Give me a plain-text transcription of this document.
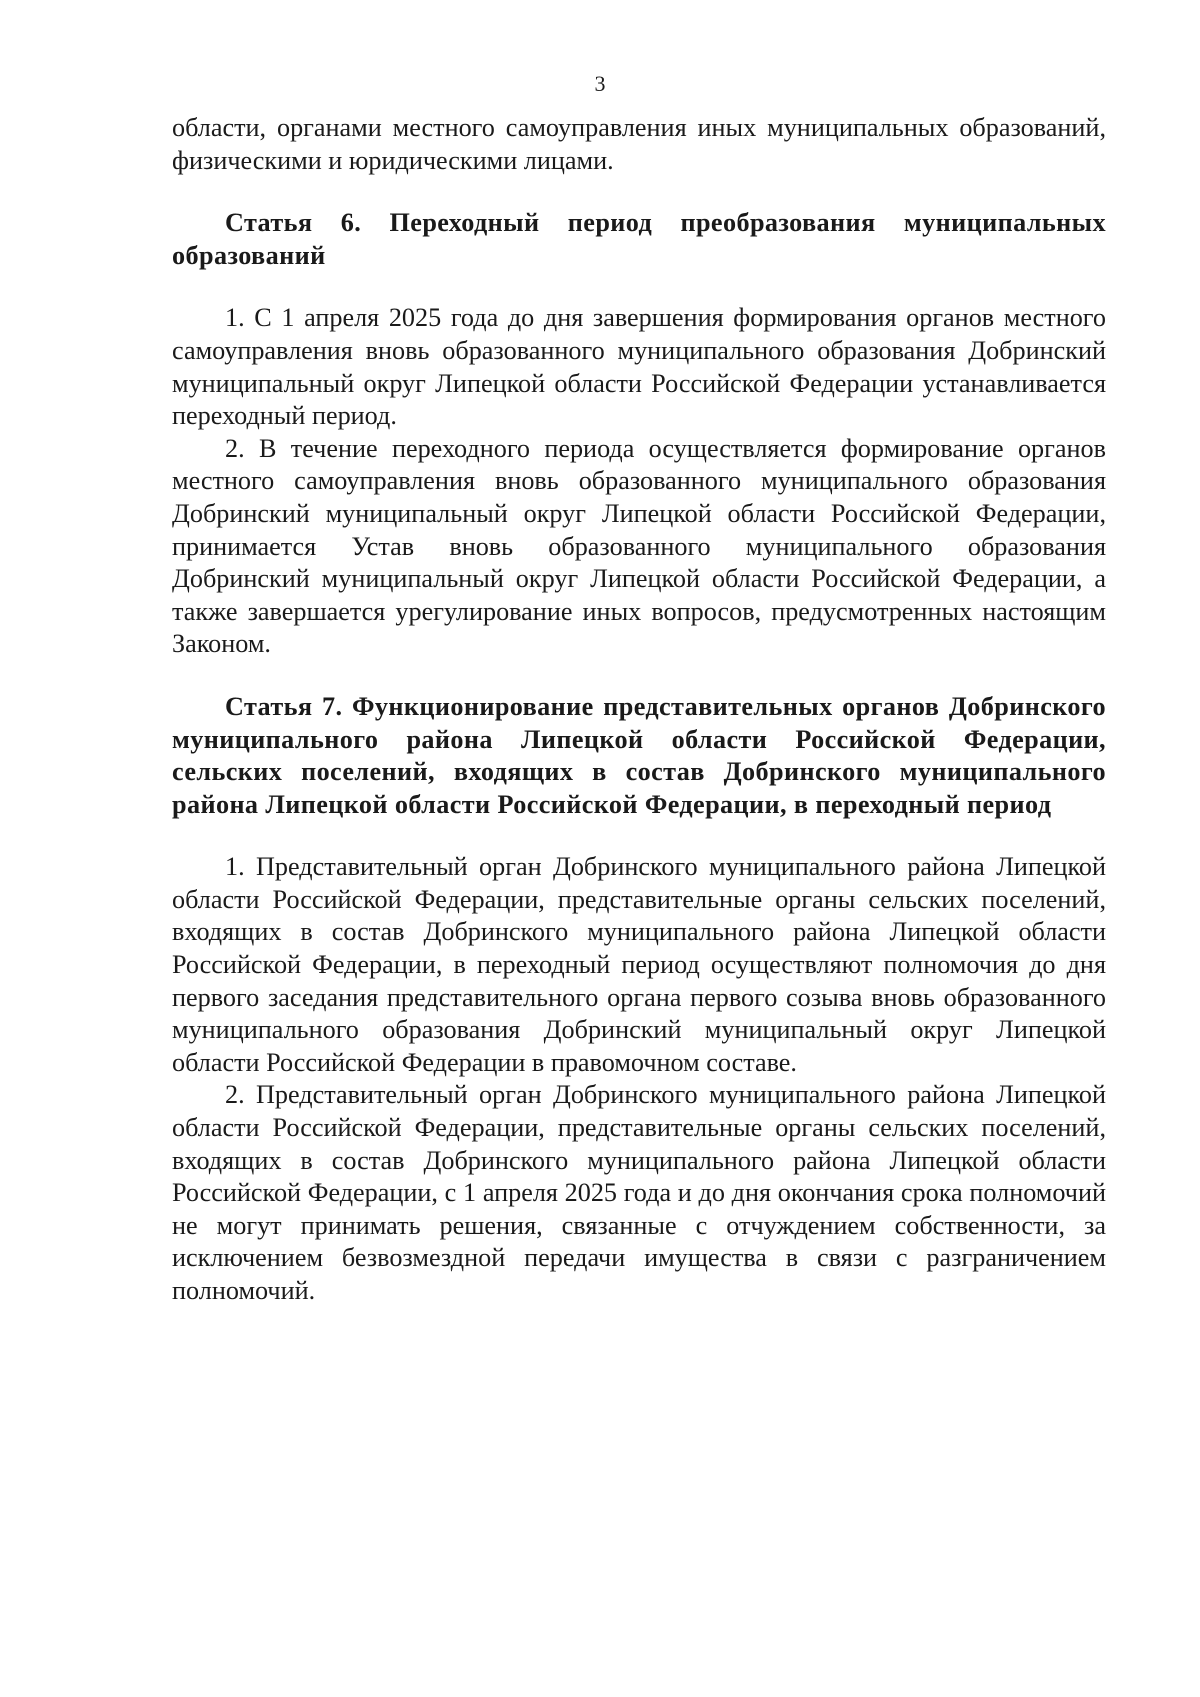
3

области, органами местного самоуправления иных муниципальных образований, физическими и юридическими лицами.

Статья 6. Переходный период преобразования муниципальных образований

1. С 1 апреля 2025 года до дня завершения формирования органов местного самоуправления вновь образованного муниципального образования Добринский муниципальный округ Липецкой области Российской Федерации устанавливается переходный период.

2. В течение переходного периода осуществляется формирование органов местного самоуправления вновь образованного муниципального образования Добринский муниципальный округ Липецкой области Российской Федерации, принимается Устав вновь образованного муниципального образования Добринский муниципальный округ Липецкой области Российской Федерации, а также завершается урегулирование иных вопросов, предусмотренных настоящим Законом.

Статья 7. Функционирование представительных органов Добринского муниципального района Липецкой области Российской Федерации, сельских поселений, входящих в состав Добринского муниципального района Липецкой области Российской Федерации, в переходный период

1. Представительный орган Добринского муниципального района Липецкой области Российской Федерации, представительные органы сельских поселений, входящих в состав Добринского муниципального района Липецкой области Российской Федерации, в переходный период осуществляют полномочия до дня первого заседания представительного органа первого созыва вновь образованного муниципального образования Добринский муниципальный округ Липецкой области Российской Федерации в правомочном составе.

2. Представительный орган Добринского муниципального района Липецкой области Российской Федерации, представительные органы сельских поселений, входящих в состав Добринского муниципального района Липецкой области Российской Федерации, с 1 апреля 2025 года и до дня окончания срока полномочий не могут принимать решения, связанные с отчуждением собственности, за исключением безвозмездной передачи имущества в связи с разграничением полномочий.
